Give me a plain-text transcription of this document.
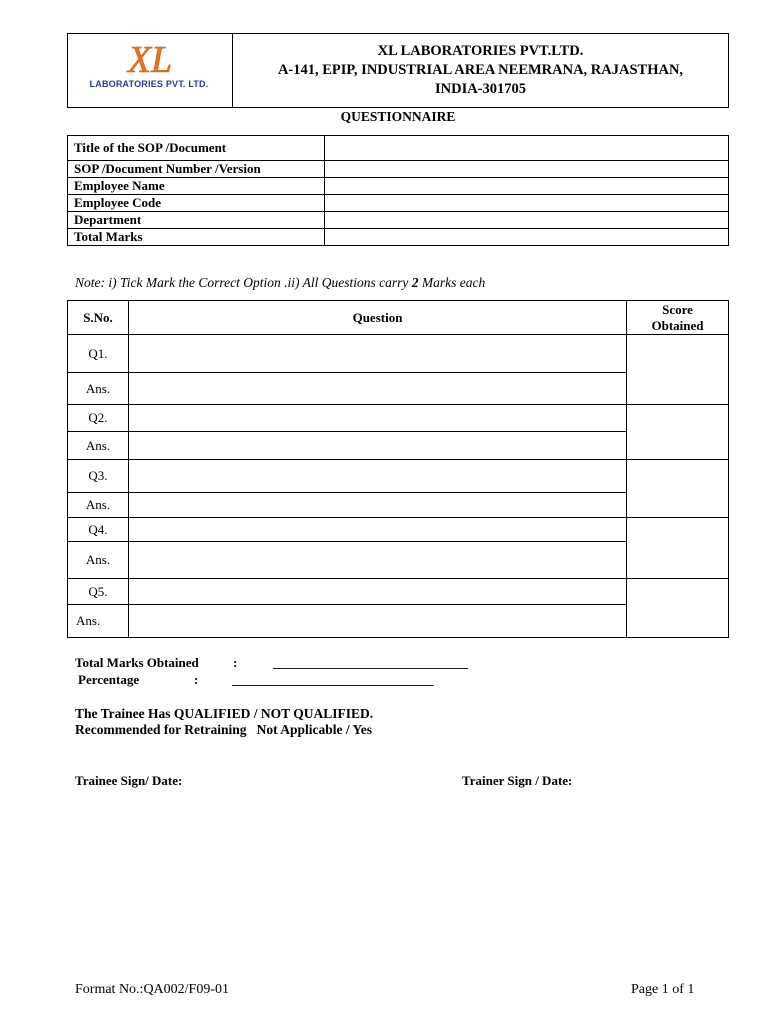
XL LABORATORIES PVT.LTD.
A-141, EPIP, INDUSTRIAL AREA NEEMRANA, RAJASTHAN,
INDIA-301705
XL
LABORATORIES PVT. LTD.
QUESTIONNAIRE
Title of the SOP /Document	
SOP /Document Number /Version	
Employee Name	
Employee Code	
Department	
Total Marks	
Note: i) Tick Mark the Correct Option .ii) All Questions carry 2 Marks each
S.No.	Question	Score
Obtained

Q1.		
Ans.		
Q2.		
Ans.		
Q3.		
Ans.		
Q4.		
Ans.		
Q5.		
Ans.		
Total Marks Obtained	:	______________________________
Percentage	:	_______________________________
The Trainee Has QUALIFIED / NOT QUALIFIED.
Recommended for Retraining   Not Applicable / Yes
Trainee Sign/ Date:	Trainer Sign / Date:
Format No.:QA002/F09-01	Page 1 of 1
